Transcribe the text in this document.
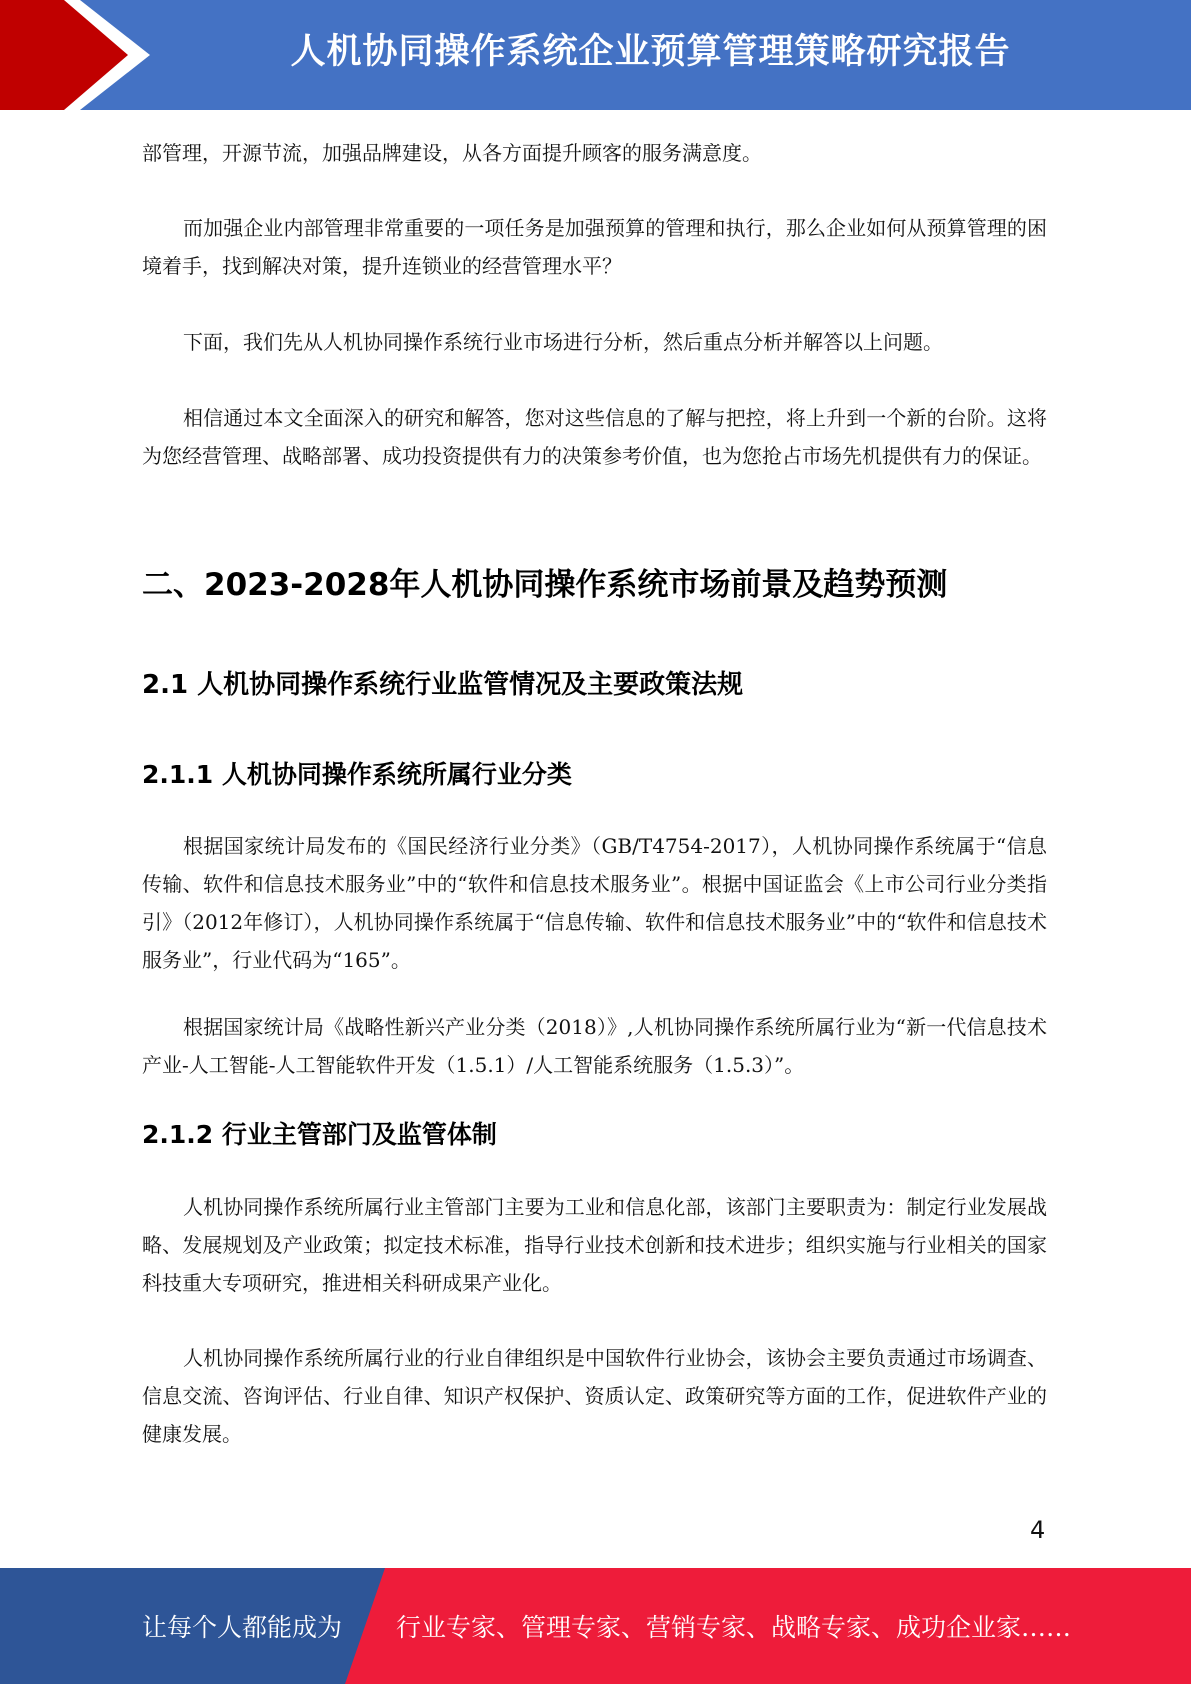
人机协同操作系统企业预算管理策略研究报告

部管理，开源节流，加强品牌建设，从各方面提升顾客的服务满意度。

而加强企业内部管理非常重要的一项任务是加强预算的管理和执行，那么企业如何从预算管理的困境着手，找到解决对策，提升连锁业的经营管理水平？

下面，我们先从人机协同操作系统行业市场进行分析，然后重点分析并解答以上问题。

相信通过本文全面深入的研究和解答，您对这些信息的了解与把控，将上升到一个新的台阶。这将为您经营管理、战略部署、成功投资提供有力的决策参考价值，也为您抢占市场先机提供有力的保证。

二、2023-2028年人机协同操作系统市场前景及趋势预测
2.1 人机协同操作系统行业监管情况及主要政策法规
2.1.1 人机协同操作系统所属行业分类

根据国家统计局发布的《国民经济行业分类》（GB/T4754-2017），人机协同操作系统属于“信息传输、软件和信息技术服务业”中的“软件和信息技术服务业”。根据中国证监会《上市公司行业分类指引》（2012年修订），人机协同操作系统属于“信息传输、软件和信息技术服务业”中的“软件和信息技术服务业”，行业代码为“165”。

根据国家统计局《战略性新兴产业分类（2018）》,人机协同操作系统所属行业为“新一代信息技术产业-人工智能-人工智能软件开发（1.5.1）/人工智能系统服务（1.5.3）”。

2.1.2 行业主管部门及监管体制

人机协同操作系统所属行业主管部门主要为工业和信息化部，该部门主要职责为：制定行业发展战略、发展规划及产业政策；拟定技术标准，指导行业技术创新和技术进步；组织实施与行业相关的国家科技重大专项研究，推进相关科研成果产业化。

人机协同操作系统所属行业的行业自律组织是中国软件行业协会，该协会主要负责通过市场调查、信息交流、咨询评估、行业自律、知识产权保护、资质认定、政策研究等方面的工作，促进软件产业的健康发展。

4
让每个人都能成为 行业专家、管理专家、营销专家、战略专家、成功企业家……
